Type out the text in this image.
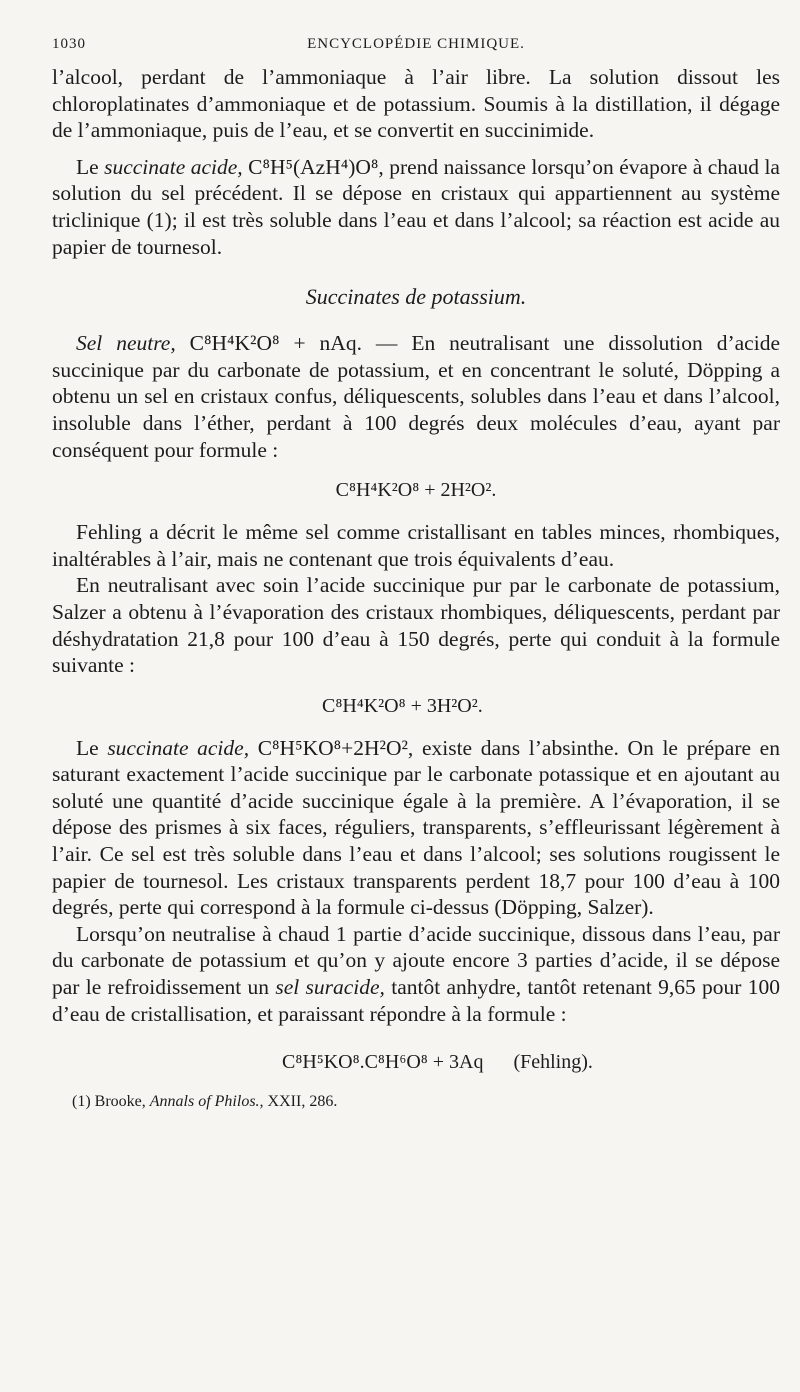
1030	ENCYCLOPÉDIE CHIMIQUE.

l’alcool, perdant de l’ammoniaque à l’air libre. La solution dissout les chloroplatinates d’ammoniaque et de potassium. Soumis à la distillation, il dégage de l’ammoniaque, puis de l’eau, et se convertit en succinimide.

Le succinate acide, C⁸H⁵(AzH⁴)O⁸, prend naissance lorsqu’on évapore à chaud la solution du sel précédent. Il se dépose en cristaux qui appartiennent au système triclinique (1); il est très soluble dans l’eau et dans l’alcool; sa réaction est acide au papier de tournesol.

Succinates de potassium.

Sel neutre, C⁸H⁴K²O⁸ + nAq. — En neutralisant une dissolution d’acide succinique par du carbonate de potassium, et en concentrant le soluté, Döpping a obtenu un sel en cristaux confus, déliquescents, solubles dans l’eau et dans l’alcool, insoluble dans l’éther, perdant à 100 degrés deux molécules d’eau, ayant par conséquent pour formule :

C⁸H⁴K²O⁸ + 2H²O².

Fehling a décrit le même sel comme cristallisant en tables minces, rhombiques, inaltérables à l’air, mais ne contenant que trois équivalents d’eau.

En neutralisant avec soin l’acide succinique pur par le carbonate de potassium, Salzer a obtenu à l’évaporation des cristaux rhombiques, déliquescents, perdant par déshydratation 21,8 pour 100 d’eau à 150 degrés, perte qui conduit à la formule suivante :

C⁸H⁴K²O⁸ + 3H²O².

Le succinate acide, C⁸H⁵KO⁸+2H²O², existe dans l’absinthe. On le prépare en saturant exactement l’acide succinique par le carbonate potassique et en ajoutant au soluté une quantité d’acide succinique égale à la première. A l’évaporation, il se dépose des prismes à six faces, réguliers, transparents, s’effleurissant légèrement à l’air. Ce sel est très soluble dans l’eau et dans l’alcool; ses solutions rougissent le papier de tournesol. Les cristaux transparents perdent 18,7 pour 100 d’eau à 100 degrés, perte qui correspond à la formule ci-dessus (Döpping, Salzer).

Lorsqu’on neutralise à chaud 1 partie d’acide succinique, dissous dans l’eau, par du carbonate de potassium et qu’on y ajoute encore 3 parties d’acide, il se dépose par le refroidissement un sel suracide, tantôt anhydre, tantôt retenant 9,65 pour 100 d’eau de cristallisation, et paraissant répondre à la formule :

C⁸H⁵KO⁸.C⁸H⁶O⁸ + 3Aq (Fehling).
(1) Brooke, Annals of Philos., XXII, 286.
